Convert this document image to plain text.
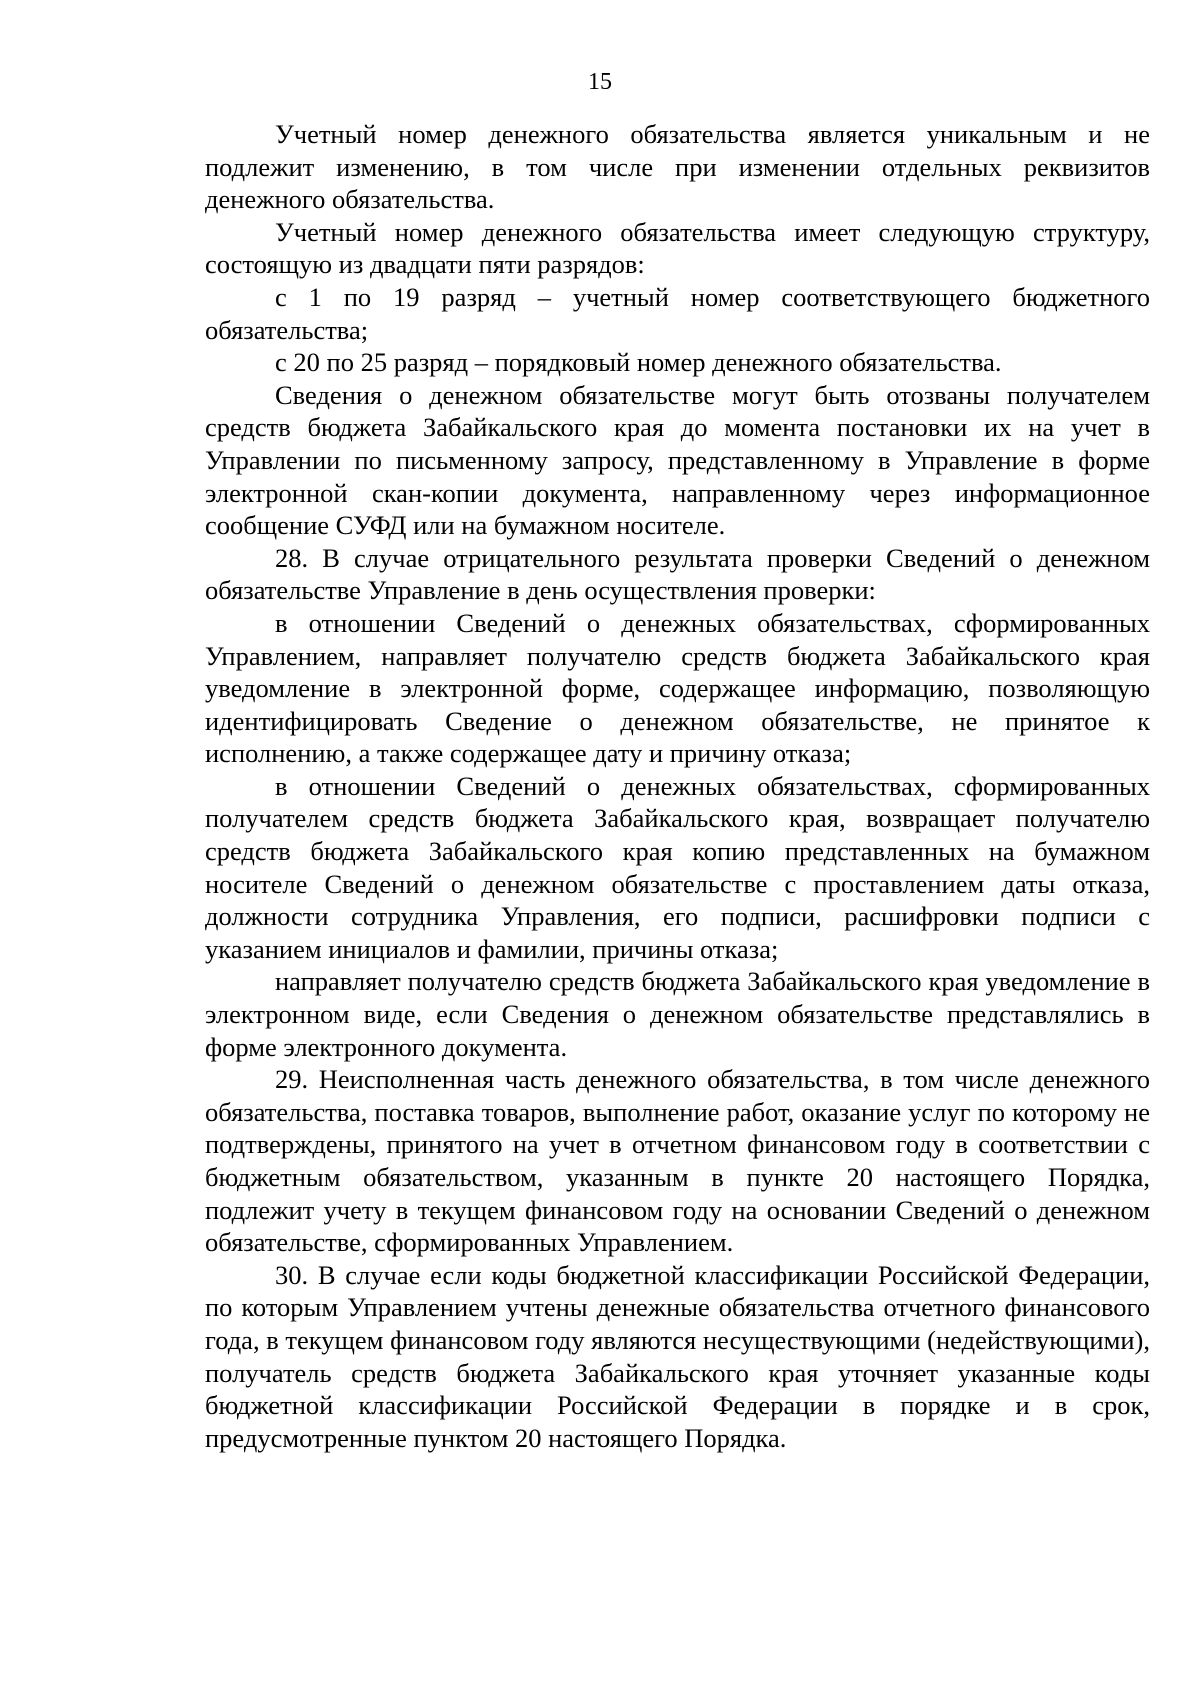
15

Учетный номер денежного обязательства является уникальным и не подлежит изменению, в том числе при изменении отдельных реквизитов денежного обязательства.

Учетный номер денежного обязательства имеет следующую структуру, состоящую из двадцати пяти разрядов:

с 1 по 19 разряд – учетный номер соответствующего бюджетного обязательства;

с 20 по 25 разряд – порядковый номер денежного обязательства.

Сведения о денежном обязательстве могут быть отозваны получателем средств бюджета Забайкальского края до момента постановки их на учет в Управлении по письменному запросу, представленному в Управление в форме электронной скан-копии документа, направленному через информационное сообщение СУФД или на бумажном носителе.

28. В случае отрицательного результата проверки Сведений о денежном обязательстве Управление в день осуществления проверки:

в отношении Сведений о денежных обязательствах, сформированных Управлением, направляет получателю средств бюджета Забайкальского края уведомление в электронной форме, содержащее информацию, позволяющую идентифицировать Сведение о денежном обязательстве, не принятое к исполнению, а также содержащее дату и причину отказа;

в отношении Сведений о денежных обязательствах, сформированных получателем средств бюджета Забайкальского края, возвращает получателю средств бюджета Забайкальского края копию представленных на бумажном носителе Сведений о денежном обязательстве с проставлением даты отказа, должности сотрудника Управления, его подписи, расшифровки подписи с указанием инициалов и фамилии, причины отказа;

направляет получателю средств бюджета Забайкальского края уведомление в электронном виде, если Сведения о денежном обязательстве представлялись в форме электронного документа.

29. Неисполненная часть денежного обязательства, в том числе денежного обязательства, поставка товаров, выполнение работ, оказание услуг по которому не подтверждены, принятого на учет в отчетном финансовом году в соответствии с бюджетным обязательством, указанным в пункте 20 настоящего Порядка, подлежит учету в текущем финансовом году на основании Сведений о денежном обязательстве, сформированных Управлением.

30. В случае если коды бюджетной классификации Российской Федерации, по которым Управлением учтены денежные обязательства отчетного финансового года, в текущем финансовом году являются несуществующими (недействующими), получатель средств бюджета Забайкальского края уточняет указанные коды бюджетной классификации Российской Федерации в порядке и в срок, предусмотренные пунктом 20 настоящего Порядка.
